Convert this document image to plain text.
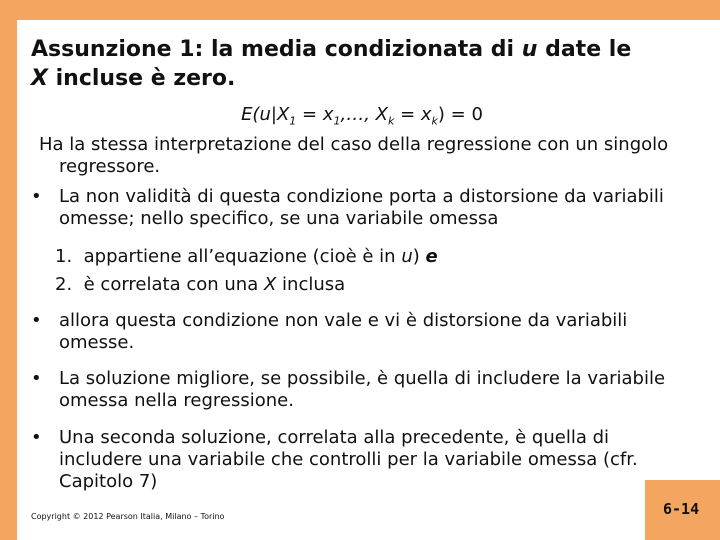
Assunzione 1: la media condizionata di u date le
X incluse è zero.
$E(u|X_1$ = $x_1,\dots$, $X_k = x_k) = 0$
Ha la stessa interpretazione del caso della regressione con un singolo regressore.
• La non validità di questa condizione porta a distorsione da variabili omesse; nello specifico, se una variabile omessa
1. appartiene all’equazione (cioè è in u) e
2. è correlata con una X inclusa
• allora questa condizione non vale e vi è distorsione da variabili omesse.
• La soluzione migliore, se possibile, è quella di includere la variabile omessa nella regressione.
• Una seconda soluzione, correlata alla precedente, è quella di includere una variabile che controlli per la variabile omessa (cfr. Capitolo 7)
Copyright © 2012 Pearson Italia, Milano – Torino	6-14
